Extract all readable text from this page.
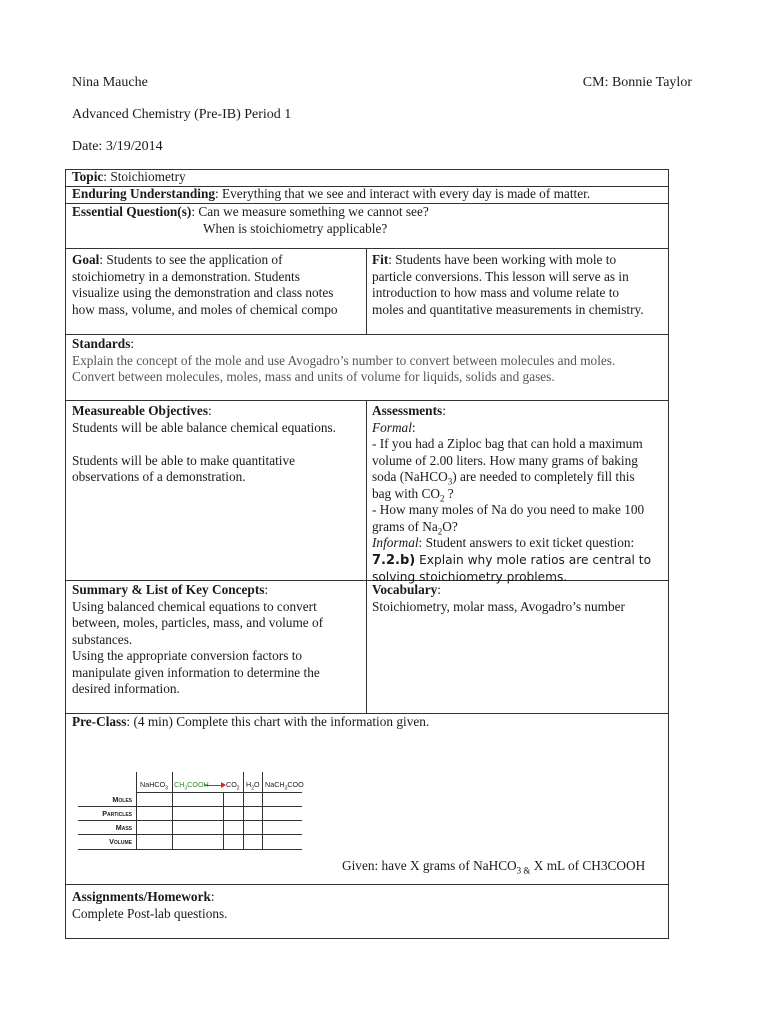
Nina Mauche	CM: Bonnie Taylor
Advanced Chemistry (Pre-IB) Period 1
Date: 3/19/2014
Topic: Stoichiometry
Enduring Understanding: Everything that we see and interact with every day is made of matter.
Essential Question(s): Can we measure something we cannot see?
When is stoichiometry applicable?
Goal: Students to see the application of
stoichiometry in a demonstration. Students
visualize using the demonstration and class notes
how mass, volume, and moles of chemical compo
Fit: Students have been working with mole to
particle conversions. This lesson will serve as in
introduction to how mass and volume relate to
moles and quantitative measurements in chemistry.
Standards:
Explain the concept of the mole and use Avogadro’s number to convert between molecules and moles.
Convert between molecules, moles, mass and units of volume for liquids, solids and gases.
Measureable Objectives:
Students will be able balance chemical equations.
Students will be able to make quantitative
observations of a demonstration.
Assessments:
Formal:
- If you had a Ziploc bag that can hold a maximum
volume of 2.00 liters. How many grams of baking
soda (NaHCO$_3$) are needed to completely fill this
bag with $CO_2$ ?
- How many moles of Na do you need to make 100
grams of $Na_2O$?
Informal: Student answers to exit ticket question:
7.2.b) Explain why mole ratios are central to
solving stoichiometry problems.
Summary & List of Key Concepts:
Using balanced chemical equations to convert
between, moles, particles, mass, and volume of
substances.
Using the appropriate conversion factors to
manipulate given information to determine the
desired information.
Vocabulary:
Stoichiometry, molar mass, Avogadro’s number
Pre-Class: (4 min) Complete this chart with the information given.
NaHCO$_3$ $CH_3COOH$ $CO_2$ $H_2O$ NaCH$_3$COO
Moles
Particles
Mass
Volume
Given: have X grams of NaHCO$_{3 \&}$ X mL of CH3COOH
Assignments/Homework:
Complete Post-lab questions.
